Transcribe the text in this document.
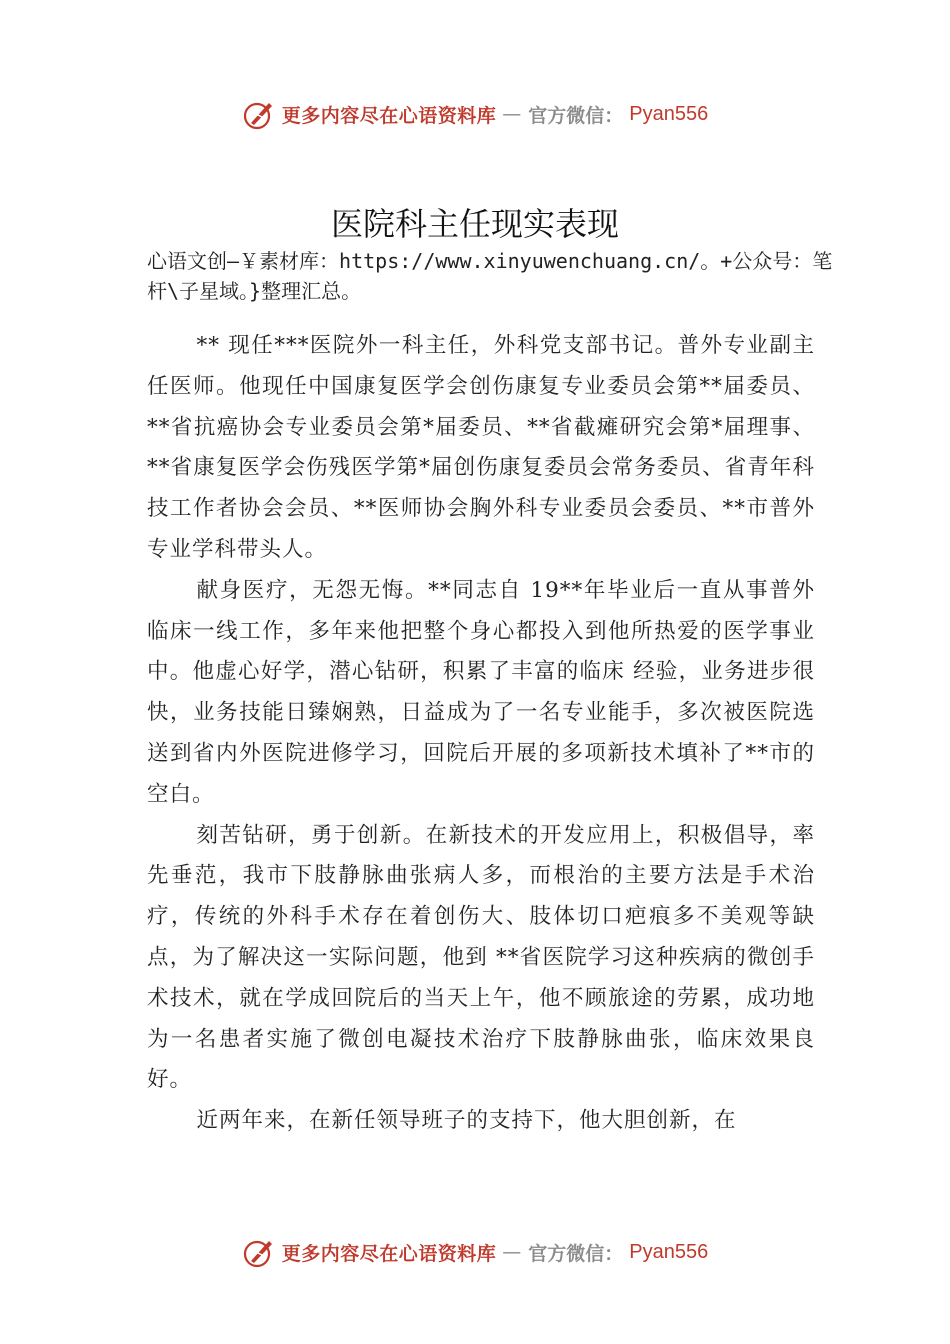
更多内容尽在心语资料库 — 官方微信： Pyan556
医院科主任现实表现

心语文创—￥素材库：https://www.xinyuwenchuang.cn/。+公众号：笔杆\子星域。}整理汇总。

** 现任***医院外一科主任，外科党支部书记。普外专业副主任医师。他现任中国康复医学会创伤康复专业委员会第**届委员、**省抗癌协会专业委员会第*届委员、**省截瘫研究会第*届理事、**省康复医学会伤残医学第*届创伤康复委员会常务委员、省青年科技工作者协会会员、**医师协会胸外科专业委员会委员、**市普外专业学科带头人。

献身医疗，无怨无悔。**同志自 19**年毕业后一直从事普外临床一线工作，多年来他把整个身心都投入到他所热爱的医学事业中。他虚心好学，潜心钻研，积累了丰富的临床 经验，业务进步很快，业务技能日臻娴熟，日益成为了一名专业能手，多次被医院选送到省内外医院进修学习，回院后开展的多项新技术填补了**市的空白。

刻苦钻研，勇于创新。在新技术的开发应用上，积极倡导，率先垂范，我市下肢静脉曲张病人多，而根治的主要方法是手术治疗，传统的外科手术存在着创伤大、肢体切口疤痕多不美观等缺点，为了解决这一实际问题，他到 **省医院学习这种疾病的微创手术技术，就在学成回院后的当天上午，他不顾旅途的劳累，成功地为一名患者实施了微创电凝技术治疗下肢静脉曲张，临床效果良好。

近两年来，在新任领导班子的支持下，他大胆创新，在

更多内容尽在心语资料库 — 官方微信： Pyan556
